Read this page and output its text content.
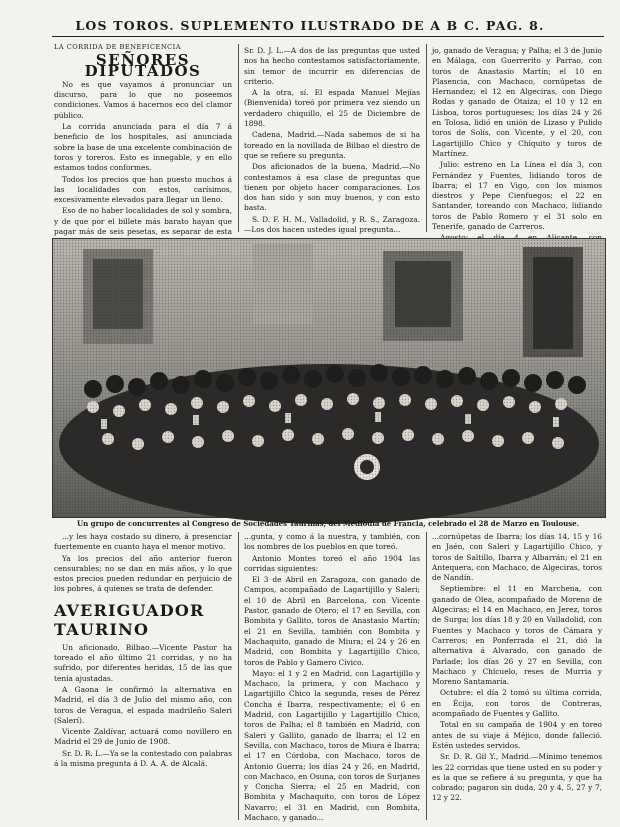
LOS TOROS. SUPLEMENTO ILUSTRADO DE A B C. PAG. 8.
LA CORRIDA DE BENEFICENCIA
SEÑORES DIPUTADOS

No es que vayamos á pronunciar un discurso, para lo que no poseemos condiciones. Vamos á hacernos eco del clamor público.

La corrida anunciada para el día 7 á beneficio de los hospitales, así anunciada sobre la base de una excelente combinación de toros y toreros. Esto es innegable, y en ello estamos todos conformes.

Todos los precios que han puesto muchos á las localidades con estos, carísimos, excesivamente elevados para llegar un lleno.

Eso de no haber localidades de sol y sombra, y de que por el billete más barato hayan que pagar más de seis pesetas, es separar de esta

Sr. D. J. L.—A dos de las preguntas que usted nos ha hecho contestamos satisfactoriamente, sin temor de incurrir en diferencias de criterio.

A la otra, sí. El espada Manuel Mejías (Bienvenida) toreó por primera vez siendo un verdadero chiquillo, el 25 de Diciembre de 1898.

Cadena, Madrid.—Nada sabemos de si ha toreado en la novillada de Bilbao el diestro de que se refiere su pregunta.

Dos aficionados de la buena, Madrid.—No contestamos á esa clase de preguntas que tienen por objeto hacer comparaciones. Los dos han sido y son muy buenos, y con esto basta.

S. D. F. H. M., Valladolid, y R. S., Zaragoza.—Los dos hacen ustedes igual pregunta...

jo, ganado de Veragua; y Palha; el 3 de Junio en Málaga, con Guerrerito y Parrao, con toros de Anastasio Martín; el 10 en Plasencia, con Machaco, cornúpetas de Hernandez; el 12 en Algeciras, con Diego Rodas y ganado de Otaiza; el 10 y 12 en Lisboa, toros portugueses; los días 24 y 26 en Tolosa, lidió en unión de Lizaso y Pulido toros de Solís, con Vicente, y el 20, con Lagartijillo Chico y Chiquito y toros de Martínez.

Julio: estreno en La Línea el día 3, con Fernández y Fuentes, lidiando toros de Ibarra; el 17 en Vigo, con los mismos diestros y Pepe Cienfuegos; el 22 en Santander, toreando con Machaco, lidiando toros de Pablo Romero y el 31 solo en Tenerife, ganado de Carreros.

Un grupo de concurrentes al Congreso de Sociedades Taurinas, del Mediodía de Francia, celebrado el 28 de Marzo en Toulouse.

...y les haya costado su dinero, á presenciar fuertemente en cuanto haya el menor motivo.

Ya los precios del año anterior fueron censurables; no se dan en más años, y lo que estos precios pueden redundar en perjuicio de los pobres, á quienes se trata de defender.

AVERIGUADOR TAURINO

Un aficionado, Bilbao.—Vicente Pastor ha toreado el año último 21 corridas, y no ha sufrido, por diferentes heridas, 15 de las que tenía ajustadas.

A Gaona le confirmó la alternativa en Madrid, el día 3 de Julio del mismo año, con toros de Veragua, el espada madrileño Saleri (Salerí).

Vicente Zaldívar, actuará como novillero en Madrid el 29 de Junio de 1908.

Sr. D. R. L.—Ya se la contestado con palabras á la misma pregunta á D. A. A. de Alcalá.

...gunta, y como á la nuestra, y también, con los nombres de los pueblos en que toreó.

Antonio Montes toreó el año 1904 las corridas siguientes:

El 3 de Abril en Zaragoza, con ganado de Campos, acompañado de Lagartijillo y Saleri; el 10 de Abril en Barcelona, con Vicente Pastor, ganado de Otero; el 17 en Sevilla, con Bombita y Gallito, toros de Anastasio Martín; el 21 en Sevilla, también con Bombita y Machaquito, ganado de Miura; el 24 y 26 en Madrid, con Bombita y Lagartijillo Chico, toros de Pablo y Gamero Cívico.

Mayo: el 1 y 2 en Madrid, con Lagartijillo y Machaco, la primera, y con Machaco y Lagartijillo Chico la segunda, reses de Pérez Concha é Ibarra, respectivamente; el 6 en Madrid, con Lagartijillo y Lagartijillo Chico, toros de Palha; el 8 también en Madrid, con Saleri y Gallito, ganado de Ibarra; el 12 en Sevilla, con Machaco, toros de Miura é Ibarra; el 17 en Córdoba, con Machaco, toros de Antonio Guerra; los días 24 y 26, en Madrid, con Machaco, en Osuna, con toros de Surjanes y Concha Sierra; el 25 en Madrid, con Bombita y Machaquito, con toros de López Navarro; el 31 en Madrid, con Bombita, Machaco, y ganado...

...cornúpetas de Ibarra; los días 14, 15 y 16 en Jaén, con Saleri y Lagartijillo Chico, y toros de Saltillo, Ibarra y Albarrán; el 21 en Antequera, con Machaco, de Algeciras, toros de Nandín.

Septiembre: el 11 en Marchena, con ganado de Olea, acompañado de Moreno de Algeciras; el 14 en Machaco, en Jerez, toros de Surga; los días 18 y 20 en Valladolid, con Fuentes y Machaco y toros de Cámara y Carreros; en Ponferrada el 21, dió la alternativa á Alvarado, con ganado de Parlade; los días 26 y 27 en Sevilla, con Machaco y Chicuelo, reses de Murria y Moreno Santamaría.

Octubre: el día 2 tomó su última corrida, en Écija, con toros de Contreras, acompañado de Fuentes y Gallito.

Total en su campaña de 1904 y en toreo antes de su viaje á Méjico, donde falleció. Estén ustedes servidos.

Sr. D. R. Gil Y., Madrid.—Mínimo tenemos les 22 corridas que tiene usted en su poder y es la que se refiere á su pregunta, y que ha cobrado; pagaron sin duda, 20 y 4, 5, 27 y 7, 12 y 22.
